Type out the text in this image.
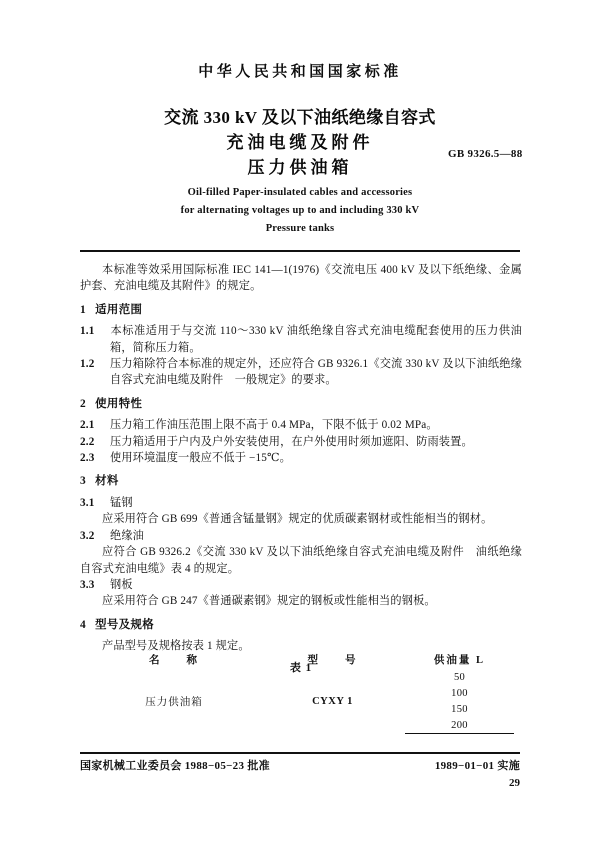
中华人民共和国国家标准
交流 330 kV 及以下油纸绝缘自容式
充油电缆及附件
压力供油箱
GB 9326.5—88
Oil-filled Paper-insulated cables and accessories
for alternating voltages up to and including 330 kV
Pressure tanks

本标准等效采用国际标准 IEC 141—1(1976)《交流电压 400 kV 及以下纸绝缘、金属护套、充油电缆及其附件》的规定。

1 适用范围

1.1 本标准适用于与交流 110～330 kV 油纸绝缘自容式充油电缆配套使用的压力供油箱，简称压力箱。

1.2 压力箱除符合本标准的规定外，还应符合 GB 9326.1《交流 330 kV 及以下油纸绝缘自容式充油电缆及附件　一般规定》的要求。

2 使用特性

2.1 压力箱工作油压范围上限不高于 0.4 MPa，下限不低于 0.02 MPa。

2.2 压力箱适用于户内及户外安装使用，在户外使用时须加遮阳、防雨装置。

2.3 使用环境温度一般应不低于 −15℃。

3 材料

3.1 锰钢

应采用符合 GB 699《普通含锰量钢》规定的优质碳素钢材或性能相当的钢材。

3.2 绝缘油

应符合 GB 9326.2《交流 330 kV 及以下油纸绝缘自容式充油电缆及附件　油纸绝缘自容式充油电缆》表 4 的规定。

3.3 钢板

应采用符合 GB 247《普通碳素钢》规定的钢板或性能相当的钢板。

4 型号及规格

产品型号及规格按表 1 规定。

表 1

名　　称	型　　号	供油量 L
压力供油箱	CYXY 1	50
		100
		150
		200
国家机械工业委员会 1988−05−23 批准	1989−01−01 实施
29
